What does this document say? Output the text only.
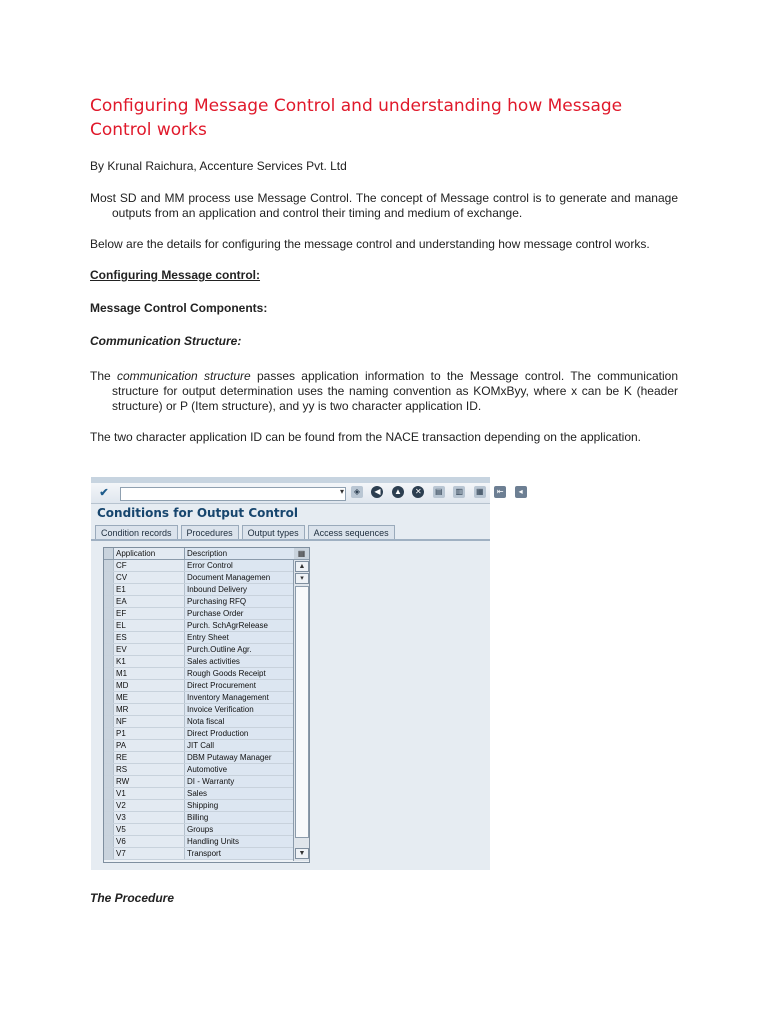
Configuring Message Control and understanding how Message Control works

By Krunal Raichura, Accenture Services Pvt. Ltd

Most SD and MM process use Message Control. The concept of Message control is to generate and manage outputs from an application and control their timing and medium of exchange.

Below are the details for configuring the message control and understanding how message control works.

Configuring Message control:

Message Control Components:

Communication Structure:

The communication structure passes application information to the Message control. The communication structure for output determination uses the naming convention as KOMxByy, where x can be K (header structure) or P (Item structure), and yy is two character application ID.

The two character application ID can be found from the NACE transaction depending on the application.

✔	▾	◈ ◀ ▲ ✕ ▤ ▥ ▦ ⇤ ◂
Conditions for Output Control
Condition records Procedures Output types Access sequences
	Application	Description
	CF	Error Control
	CV	Document Managemen
	E1	Inbound Delivery
	EA	Purchasing RFQ
	EF	Purchase Order
	EL	Purch. SchAgrRelease
	ES	Entry Sheet
	EV	Purch.Outline Agr.
	K1	Sales activities
	M1	Rough Goods Receipt
	MD	Direct Procurement
	ME	Inventory Management
	MR	Invoice Verification
	NF	Nota fiscal
	P1	Direct Production
	PA	JIT Call
	RE	DBM Putaway Manager
	RS	Automotive
	RW	DI - Warranty
	V1	Sales
	V2	Shipping
	V3	Billing
	V5	Groups
	V6	Handling Units
	V7	Transport
▦
▲
▾
▼

The Procedure
